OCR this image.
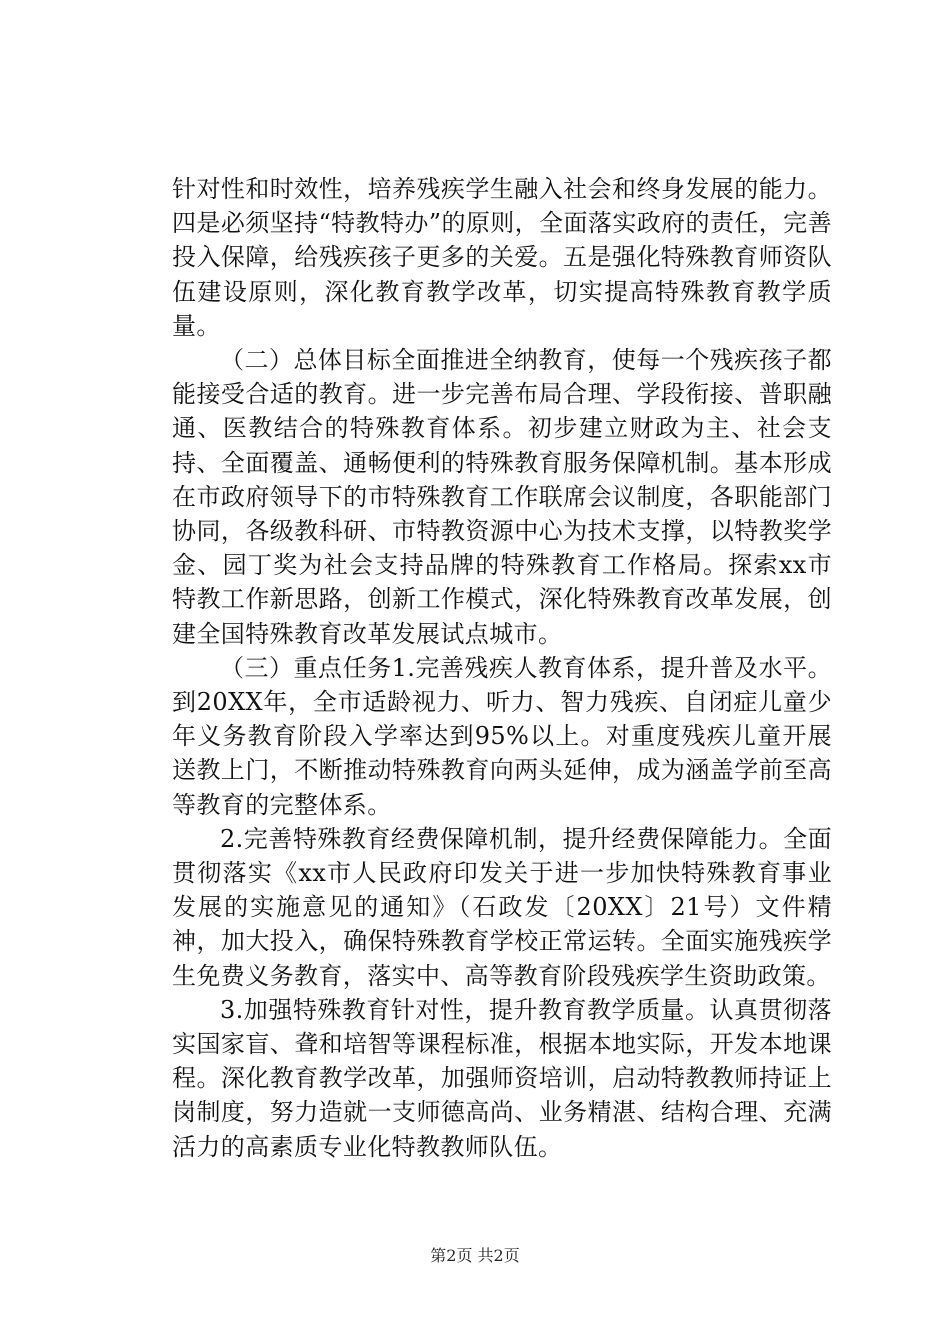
针对性和时效性，培养残疾学生融入社会和终身发展的能力。四是必须坚持“特教特办”的原则，全面落实政府的责任，完善投入保障，给残疾孩子更多的关爱。五是强化特殊教育师资队伍建设原则，深化教育教学改革，切实提高特殊教育教学质量。

（二）总体目标全面推进全纳教育，使每一个残疾孩子都能接受合适的教育。进一步完善布局合理、学段衔接、普职融通、医教结合的特殊教育体系。初步建立财政为主、社会支持、全面覆盖、通畅便利的特殊教育服务保障机制。基本形成在市政府领导下的市特殊教育工作联席会议制度，各职能部门协同，各级教科研、市特教资源中心为技术支撑，以特教奖学金、园丁奖为社会支持品牌的特殊教育工作格局。探索xx市特教工作新思路，创新工作模式，深化特殊教育改革发展，创建全国特殊教育改革发展试点城市。

（三）重点任务1.完善残疾人教育体系，提升普及水平。到20XX年，全市适龄视力、听力、智力残疾、自闭症儿童少年义务教育阶段入学率达到95%以上。对重度残疾儿童开展送教上门，不断推动特殊教育向两头延伸，成为涵盖学前至高等教育的完整体系。

2.完善特殊教育经费保障机制，提升经费保障能力。全面贯彻落实《xx市人民政府印发关于进一步加快特殊教育事业发展的实施意见的通知》（石政发〔20XX〕21号）文件精神，加大投入，确保特殊教育学校正常运转。全面实施残疾学生免费义务教育，落实中、高等教育阶段残疾学生资助政策。

3.加强特殊教育针对性，提升教育教学质量。认真贯彻落实国家盲、聋和培智等课程标准，根据本地实际，开发本地课程。深化教育教学改革，加强师资培训，启动特教教师持证上岗制度，努力造就一支师德高尚、业务精湛、结构合理、充满活力的高素质专业化特教教师队伍。

第2页 共2页
